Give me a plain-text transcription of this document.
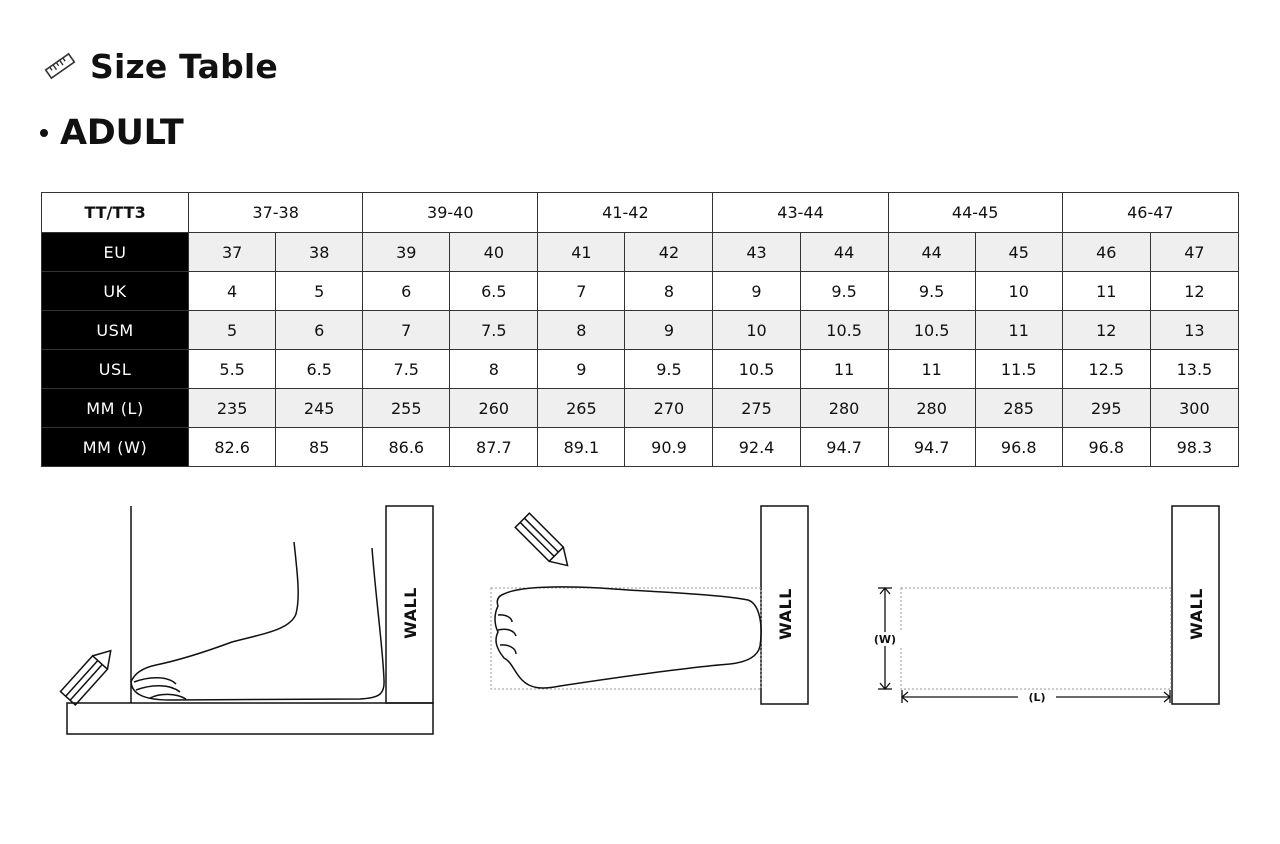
Size Table
ADULT
TT/TT3	37-38		39-40		41-42		43-44		44-45		46-47	
EU	37	38	39	40	41	42	43	44	44	45	46	47
UK	4	5	6	6.5	7	8	9	9.5	9.5	10	11	12
USM	5	6	7	7.5	8	9	10	10.5	10.5	11	12	13
USL	5.5	6.5	7.5	8	9	9.5	10.5	11	11	11.5	12.5	13.5
MM (L)	235	245	255	260	265	270	275	280	280	285	295	300
MM (W)	82.6	85	86.6	87.7	89.1	90.9	92.4	94.7	94.7	96.8	96.8	98.3
WALL	WALL	(W)
(L)
WALL
